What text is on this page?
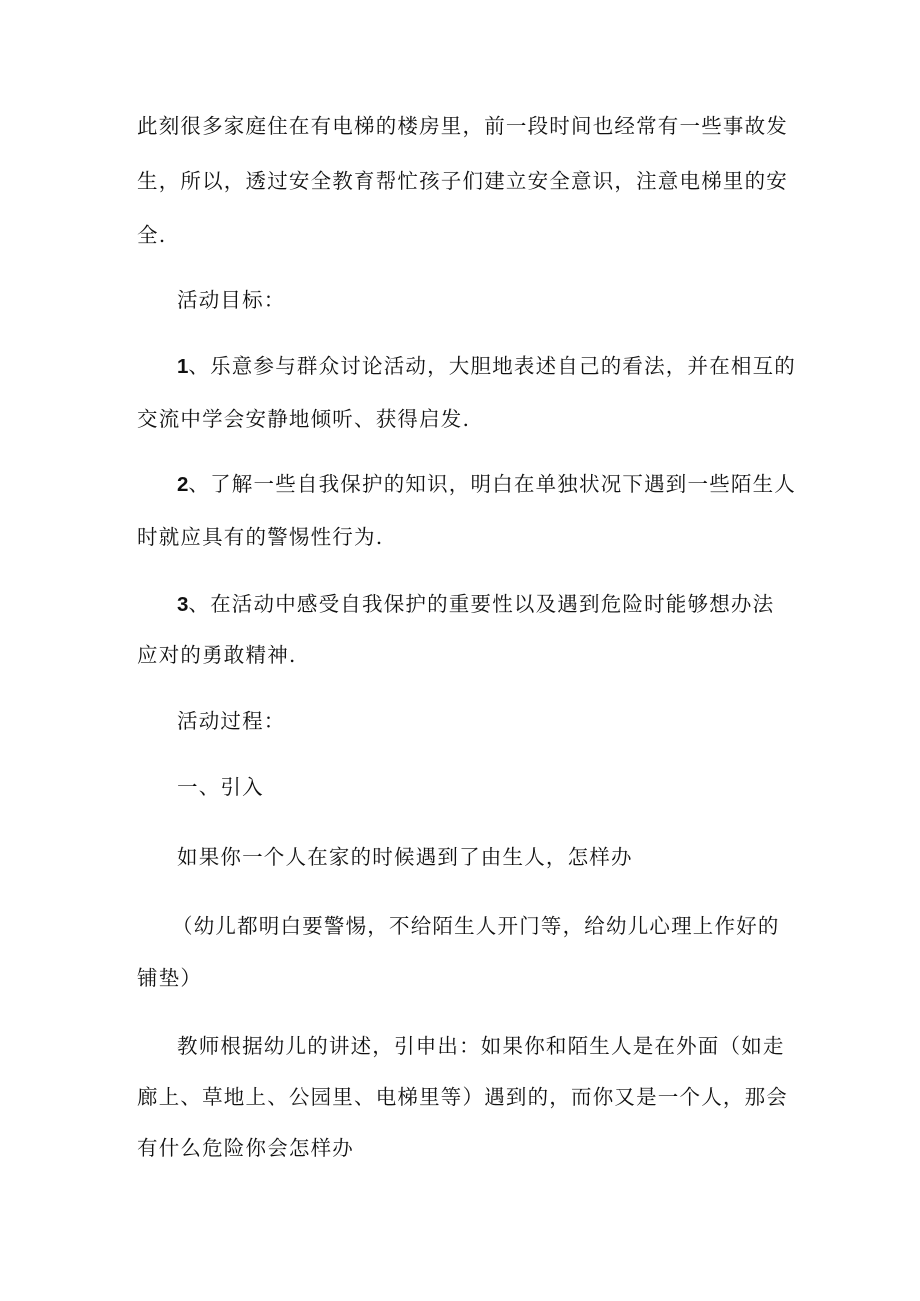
此刻很多家庭住在有电梯的楼房里，前一段时间也经常有一些事故发
生，所以，透过安全教育帮忙孩子们建立安全意识，注意电梯里的安
全.
活动目标：
1、乐意参与群众讨论活动，大胆地表述自己的看法，并在相互的
交流中学会安静地倾听、获得启发.
2、了解一些自我保护的知识，明白在单独状况下遇到一些陌生人
时就应具有的警惕性行为.
3、在活动中感受自我保护的重要性以及遇到危险时能够想办法
应对的勇敢精神.
活动过程：
一、引入
如果你一个人在家的时候遇到了由生人，怎样办
（幼儿都明白要警惕，不给陌生人开门等，给幼儿心理上作好的
铺垫）
教师根据幼儿的讲述，引申出：如果你和陌生人是在外面（如走
廊上、草地上、公园里、电梯里等）遇到的，而你又是一个人，那会
有什么危险你会怎样办
